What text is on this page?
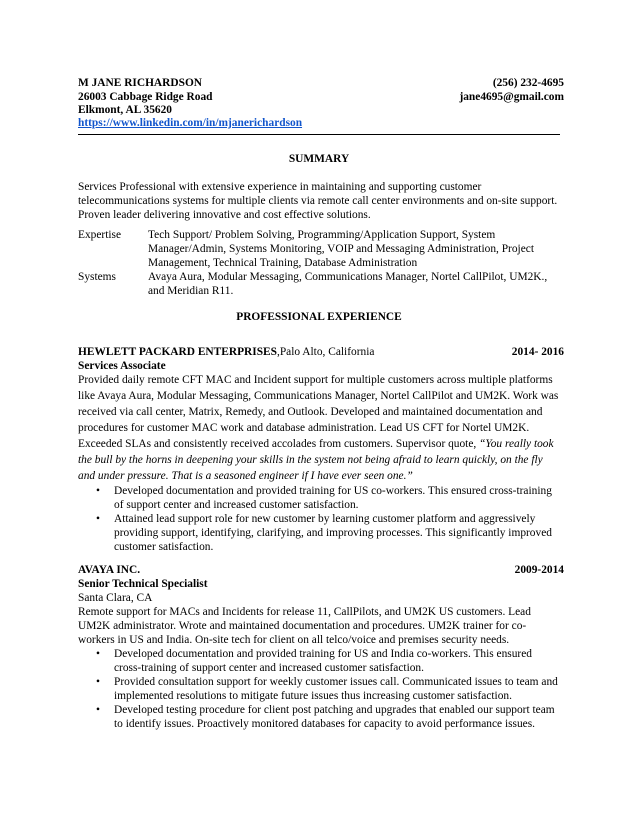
M JANE RICHARDSON	(256) 232-4695
26003 Cabbage Ridge Road	jane4695@gmail.com
Elkmont, AL 35620
https://www.linkedin.com/in/mjanerichardson
SUMMARY
Services Professional with extensive experience in maintaining and supporting customer
telecommunications systems for multiple clients via remote call center environments and on-site support.
Proven leader delivering innovative and cost effective solutions.
Expertise Tech Support/ Problem Solving, Programming/Application Support, System
Manager/Admin, Systems Monitoring, VOIP and Messaging Administration, Project
Management, Technical Training, Database Administration
Systems	Avaya Aura, Modular Messaging, Communications Manager, Nortel CallPilot, UM2K.,
and Meridian R11.
PROFESSIONAL EXPERIENCE
HEWLETT PACKARD ENTERPRISES,Palo Alto, California	2014- 2016
Services Associate
Provided daily remote CFT MAC and Incident support for multiple customers across multiple platforms
like Avaya Aura, Modular Messaging, Communications Manager, Nortel CallPilot and UM2K. Work was
received via call center, Matrix, Remedy, and Outlook. Developed and maintained documentation and
procedures for customer MAC work and database administration. Lead US CFT for Nortel UM2K.
Exceeded SLAs and consistently received accolades from customers. Supervisor quote, “You really took
the bull by the horns in deepening your skills in the system not being afraid to learn quickly, on the fly
and under pressure. That is a seasoned engineer if I have ever seen one.”
• Developed documentation and provided training for US co-workers. This ensured cross-training
of support center and increased customer satisfaction.
• Attained lead support role for new customer by learning customer platform and aggressively
providing support, identifying, clarifying, and improving processes. This significantly improved
customer satisfaction.
AVAYA INC.	2009-2014
Senior Technical Specialist
Santa Clara, CA
Remote support for MACs and Incidents for release 11, CallPilots, and UM2K US customers. Lead
UM2K administrator. Wrote and maintained documentation and procedures. UM2K trainer for co-
workers in US and India. On-site tech for client on all telco/voice and premises security needs.
• Developed documentation and provided training for US and India co-workers. This ensured
cross-training of support center and increased customer satisfaction.
• Provided consultation support for weekly customer issues call. Communicated issues to team and
implemented resolutions to mitigate future issues thus increasing customer satisfaction.
• Developed testing procedure for client post patching and upgrades that enabled our support team
to identify issues. Proactively monitored databases for capacity to avoid performance issues.
